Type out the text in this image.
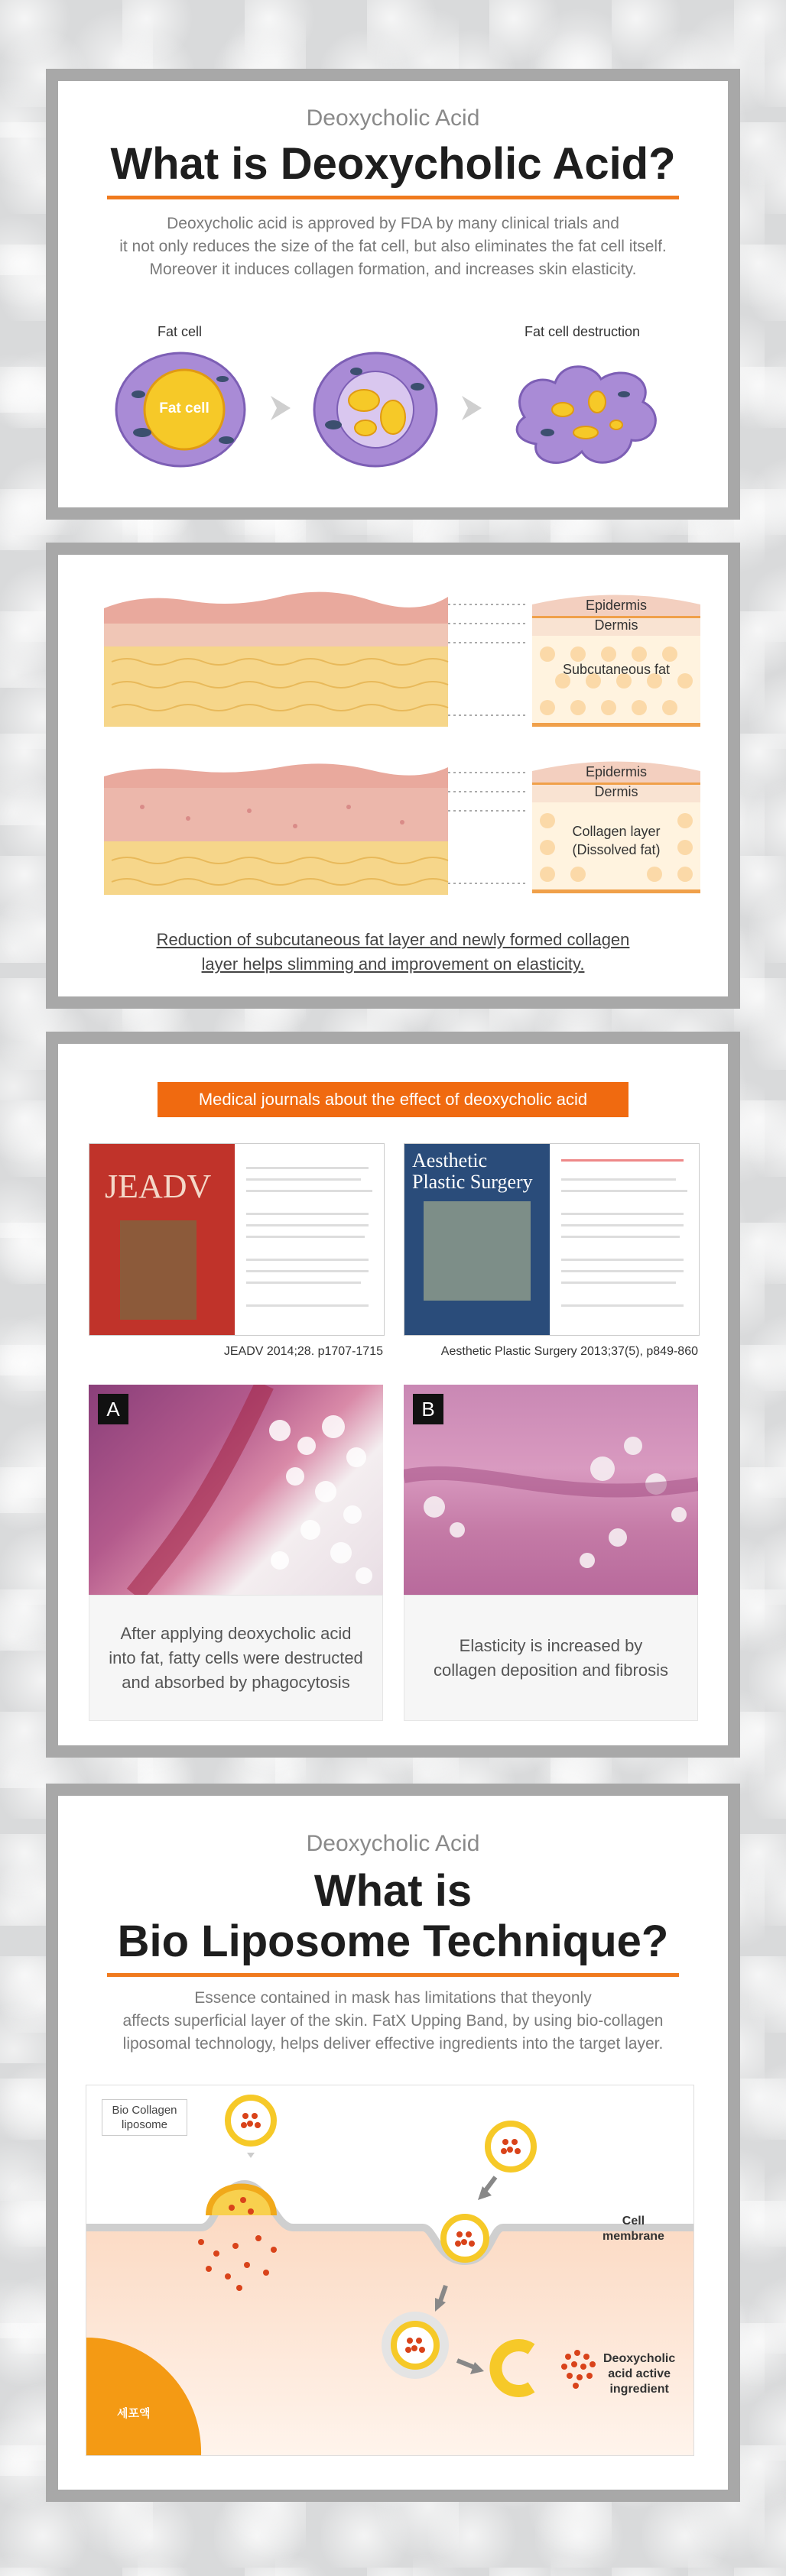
Deoxycholic Acid
What is Deoxycholic Acid?
Deoxycholic acid is approved by FDA by many clinical trials and
it not only reduces the size of the fat cell, but also eliminates the fat cell itself.
Moreover it induces collagen formation, and increases skin elasticity.
Fat cell	Fat cell destruction
Fat cell
Epidermis
Dermis
Subcutaneous fat
Epidermis
Dermis
Collagen layer
(Dissolved fat)
Reduction of subcutaneous fat layer and newly formed collagen
layer helps slimming and improvement on elasticity.
Medical journals about the effect of deoxycholic acid
JEADV
JEADV 2014;28. p1707-1715
Aesthetic
Plastic Surgery
Aesthetic Plastic Surgery 2013;37(5), p849-860
A
After applying deoxycholic acid
into fat, fatty cells were destructed
and absorbed by phagocytosis
B
Elasticity is increased by
collagen deposition and fibrosis
Deoxycholic Acid
What is
Bio Liposome Technique?
Essence contained in mask has limitations that theyonly
affects superficial layer of the skin. FatX Upping Band, by using bio-collagen
liposomal technology, helps deliver effective ingredients into the target layer.
Bio Collagen
liposome
Cell
membrane
Deoxycholic
acid active
ingredient
세포액
